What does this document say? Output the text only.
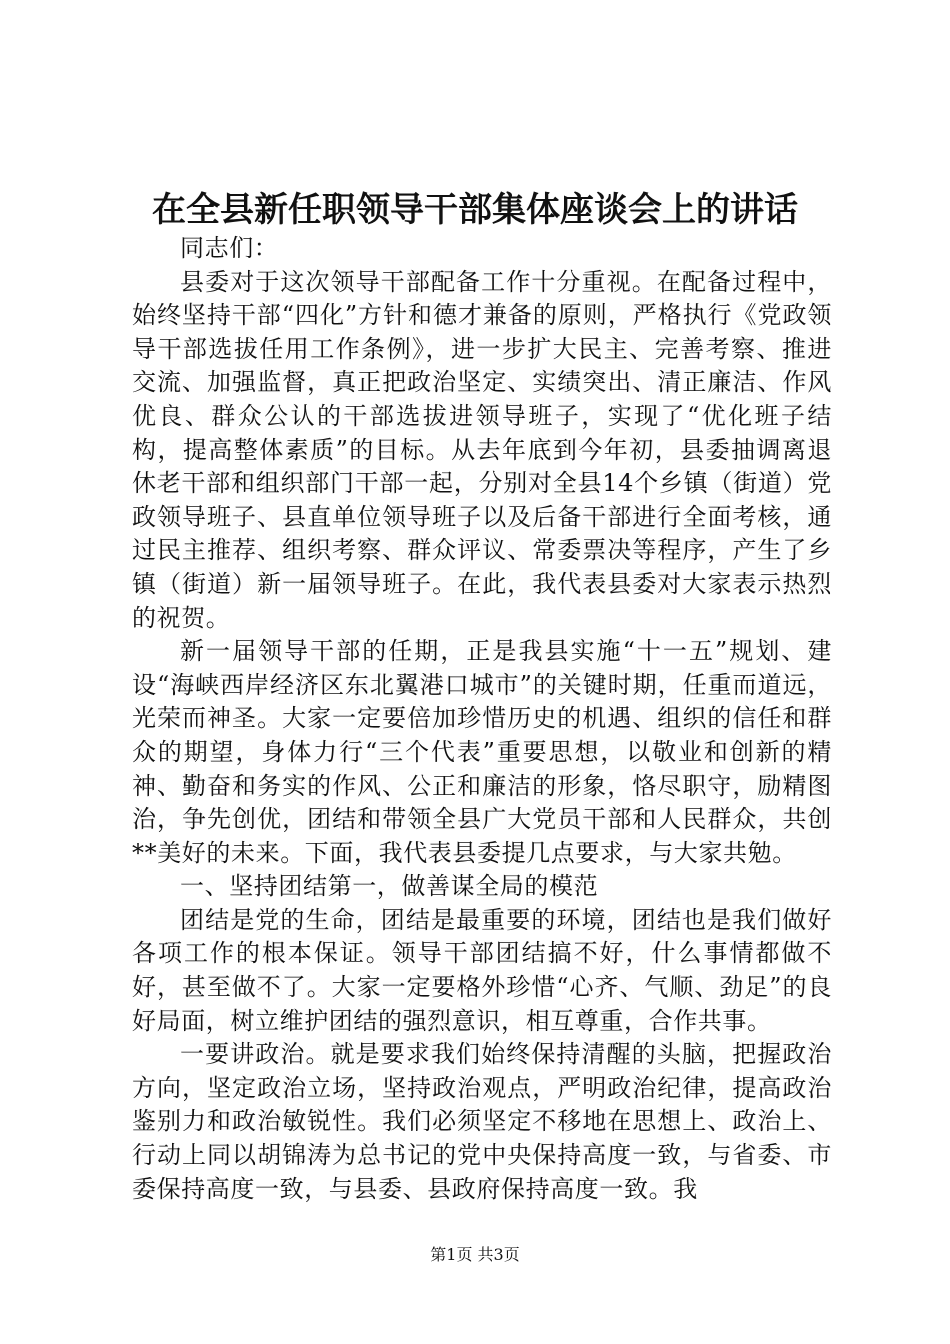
在全县新任职领导干部集体座谈会上的讲话

同志们：

县委对于这次领导干部配备工作十分重视。在配备过程中，始终坚持干部“四化”方针和德才兼备的原则，严格执行《党政领导干部选拔任用工作条例》，进一步扩大民主、完善考察、推进交流、加强监督，真正把政治坚定、实绩突出、清正廉洁、作风优良、群众公认的干部选拔进领导班子，实现了“优化班子结构，提高整体素质”的目标。从去年底到今年初，县委抽调离退休老干部和组织部门干部一起，分别对全县14个乡镇（街道）党政领导班子、县直单位领导班子以及后备干部进行全面考核，通过民主推荐、组织考察、群众评议、常委票决等程序，产生了乡镇（街道）新一届领导班子。在此，我代表县委对大家表示热烈的祝贺。

新一届领导干部的任期，正是我县实施“十一五”规划、建设“海峡西岸经济区东北翼港口城市”的关键时期，任重而道远，光荣而神圣。大家一定要倍加珍惜历史的机遇、组织的信任和群众的期望，身体力行“三个代表”重要思想，以敬业和创新的精神、勤奋和务实的作风、公正和廉洁的形象，恪尽职守，励精图治，争先创优，团结和带领全县广大党员干部和人民群众，共创**美好的未来。下面，我代表县委提几点要求，与大家共勉。

一、坚持团结第一，做善谋全局的模范

团结是党的生命，团结是最重要的环境，团结也是我们做好各项工作的根本保证。领导干部团结搞不好，什么事情都做不好，甚至做不了。大家一定要格外珍惜“心齐、气顺、劲足”的良好局面，树立维护团结的强烈意识，相互尊重，合作共事。

一要讲政治。就是要求我们始终保持清醒的头脑，把握政治方向，坚定政治立场，坚持政治观点，严明政治纪律，提高政治鉴别力和政治敏锐性。我们必须坚定不移地在思想上、政治上、行动上同以胡锦涛为总书记的党中央保持高度一致，与省委、市委保持高度一致，与县委、县政府保持高度一致。我

第1页 共3页
